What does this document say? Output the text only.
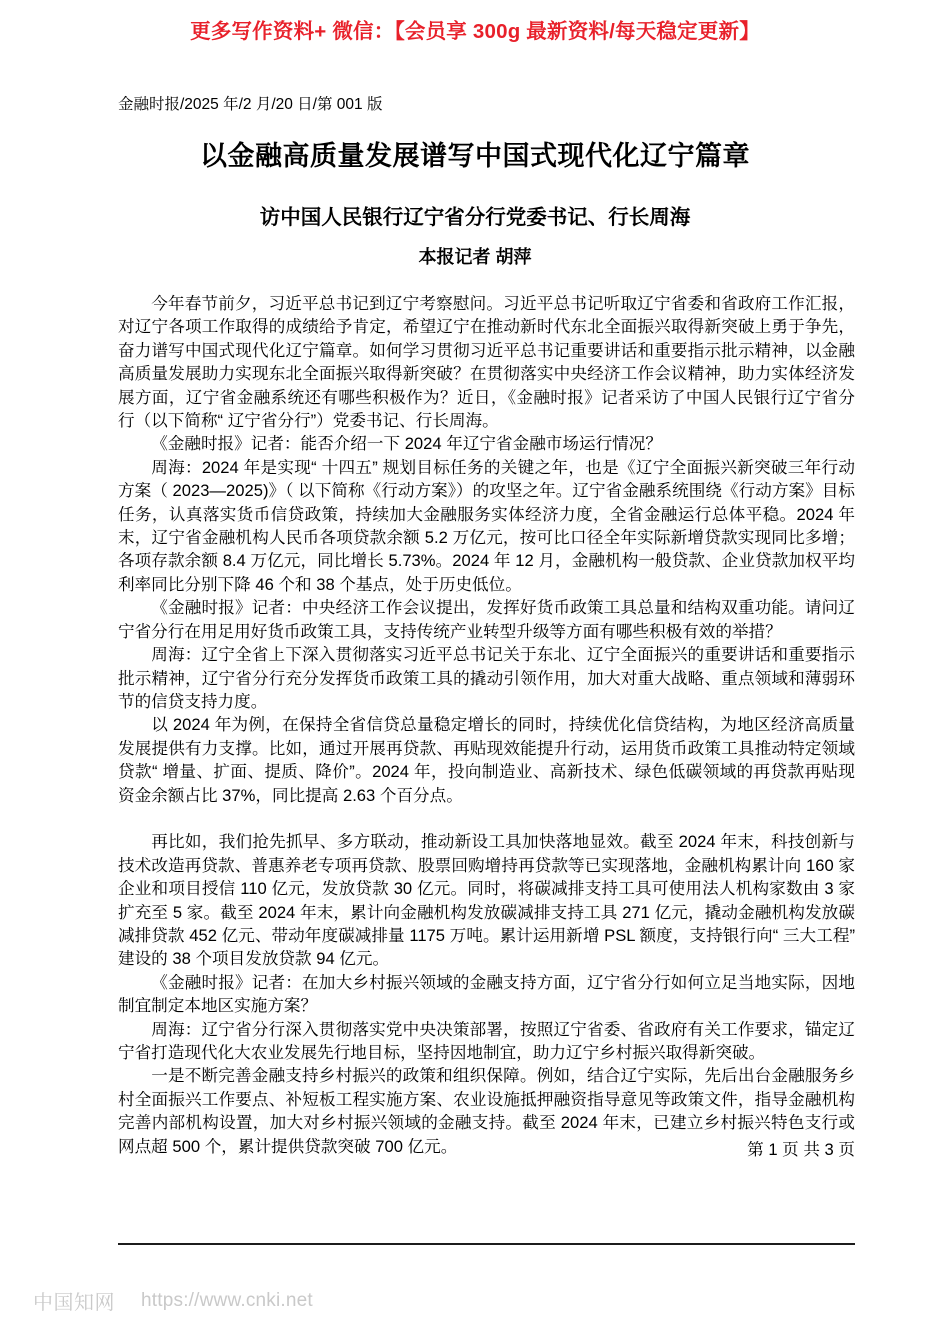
更多写作资料+ 微信：【会员享 300g 最新资料/每天稳定更新】
金融时报/2025 年/2 月/20 日/第 001 版
以金融高质量发展谱写中国式现代化辽宁篇章
访中国人民银行辽宁省分行党委书记、行长周海
本报记者 胡萍

今年春节前夕，习近平总书记到辽宁考察慰问。习近平总书记听取辽宁省委和省政府工作汇报，对辽宁各项工作取得的成绩给予肯定，希望辽宁在推动新时代东北全面振兴取得新突破上勇于争先，奋力谱写中国式现代化辽宁篇章。如何学习贯彻习近平总书记重要讲话和重要指示批示精神，以金融高质量发展助力实现东北全面振兴取得新突破？在贯彻落实中央经济工作会议精神，助力实体经济发展方面，辽宁省金融系统还有哪些积极作为？近日，《金融时报》记者采访了中国人民银行辽宁省分行（以下简称“ 辽宁省分行”）党委书记、行长周海。

《金融时报》记者：能否介绍一下 2024 年辽宁省金融市场运行情况？

周海：2024 年是实现“ 十四五” 规划目标任务的关键之年，也是《辽宁全面振兴新突破三年行动方案（ 2023—2025)》（ 以下简称《行动方案》）的攻坚之年。辽宁省金融系统围绕《行动方案》目标任务，认真落实货币信贷政策，持续加大金融服务实体经济力度，全省金融运行总体平稳。2024 年末，辽宁省金融机构人民币各项贷款余额 5.2 万亿元，按可比口径全年实际新增贷款实现同比多增；各项存款余额 8.4 万亿元，同比增长 5.73%。2024 年 12 月，金融机构一般贷款、企业贷款加权平均利率同比分别下降 46 个和 38 个基点，处于历史低位。

《金融时报》记者：中央经济工作会议提出，发挥好货币政策工具总量和结构双重功能。请问辽宁省分行在用足用好货币政策工具，支持传统产业转型升级等方面有哪些积极有效的举措？

周海：辽宁全省上下深入贯彻落实习近平总书记关于东北、辽宁全面振兴的重要讲话和重要指示批示精神，辽宁省分行充分发挥货币政策工具的撬动引领作用，加大对重大战略、重点领域和薄弱环节的信贷支持力度。

以 2024 年为例，在保持全省信贷总量稳定增长的同时，持续优化信贷结构，为地区经济高质量发展提供有力支撑。比如，通过开展再贷款、再贴现效能提升行动，运用货币政策工具推动特定领域贷款“ 增量、扩面、提质、降价”。2024 年，投向制造业、高新技术、绿色低碳领域的再贷款再贴现资金余额占比 37%，同比提高 2.63 个百分点。

再比如，我们抢先抓早、多方联动，推动新设工具加快落地显效。截至 2024 年末，科技创新与技术改造再贷款、普惠养老专项再贷款、股票回购增持再贷款等已实现落地，金融机构累计向 160 家企业和项目授信 110 亿元，发放贷款 30 亿元。同时，将碳减排支持工具可使用法人机构家数由 3 家扩充至 5 家。截至 2024 年末，累计向金融机构发放碳减排支持工具 271 亿元，撬动金融机构发放碳减排贷款 452 亿元、带动年度碳减排量 1175 万吨。累计运用新增 PSL 额度，支持银行向“ 三大工程” 建设的 38 个项目发放贷款 94 亿元。

《金融时报》记者：在加大乡村振兴领域的金融支持方面，辽宁省分行如何立足当地实际，因地制宜制定本地区实施方案？

周海：辽宁省分行深入贯彻落实党中央决策部署，按照辽宁省委、省政府有关工作要求，锚定辽宁省打造现代化大农业发展先行地目标，坚持因地制宜，助力辽宁乡村振兴取得新突破。

一是不断完善金融支持乡村振兴的政策和组织保障。例如，结合辽宁实际，先后出台金融服务乡村全面振兴工作要点、补短板工程实施方案、农业设施抵押融资指导意见等政策文件，指导金融机构完善内部机构设置，加大对乡村振兴领域的金融支持。截至 2024 年末，已建立乡村振兴特色支行或网点超 500 个，累计提供贷款突破 700 亿元。	第 1 页 共 3 页
中国知网 https://www.cnki.net
